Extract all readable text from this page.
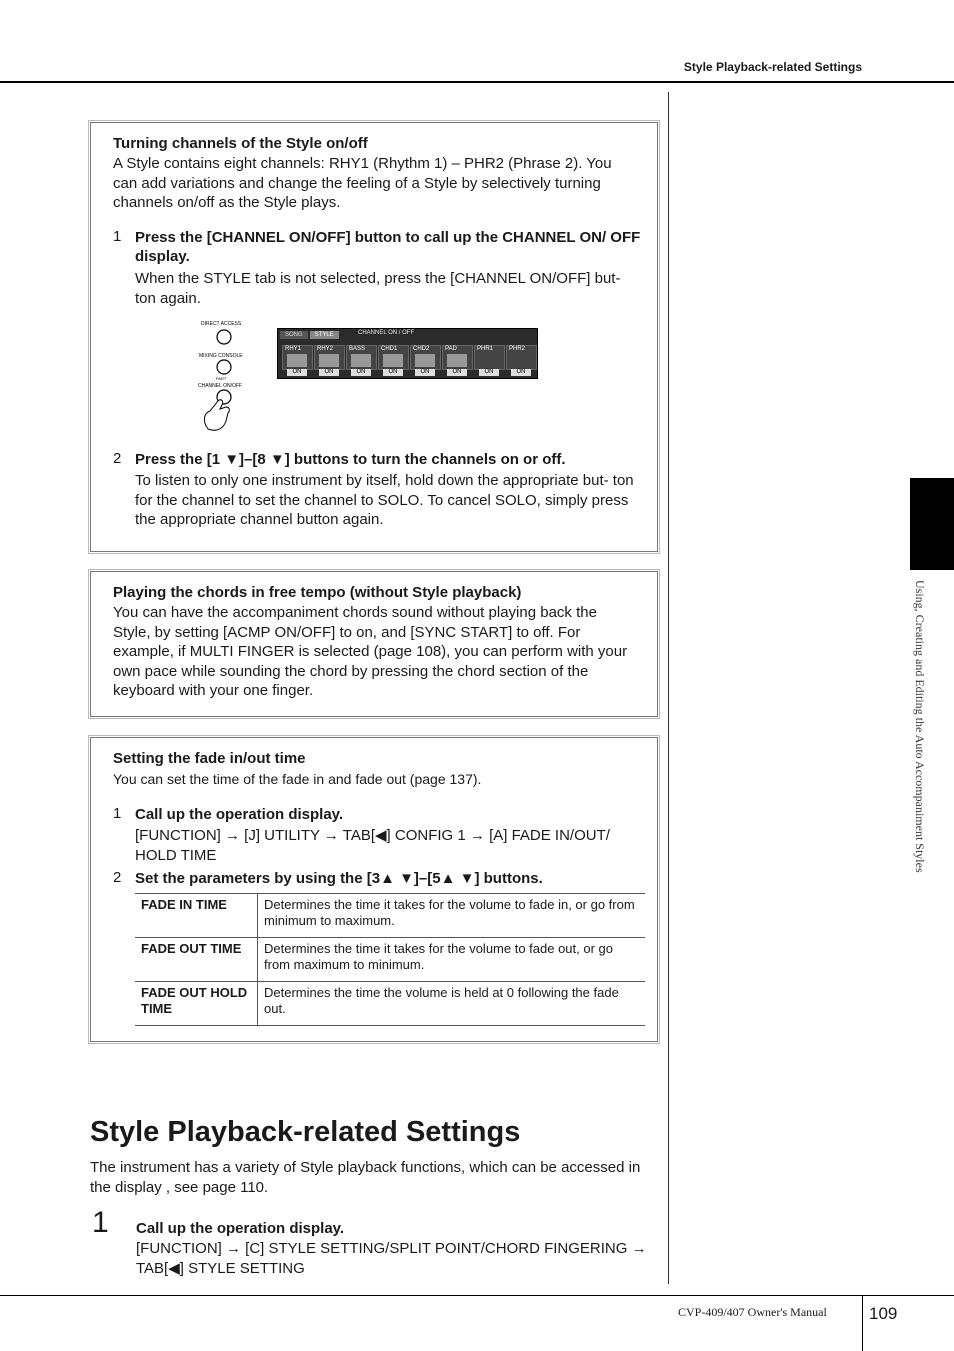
Style Playback-related Settings
Using, Creating and Editing the Auto Accompaniment Styles
Turning channels of the Style on/off
A Style contains eight channels: RHY1 (Rhythm 1) – PHR2 (Phrase 2). You can add variations and change the feeling of a Style by selectively turning channels on/off as the Style plays.
1 Press the [CHANNEL ON/OFF] button to call up the CHANNEL ON/ OFF display.
When the STYLE tab is not selected, press the [CHANNEL ON/OFF] but- ton again.
DIRECT ACCESS
MIXING CONSOLE
PART
CHANNEL ON/OFF
SONG STYLE	CHANNEL ON / OFF
RHY1
ON
RHY2
ON
BASS
ON
CHD1
ON
CHD2
ON
PAD
ON
PHR1
ON
PHR2
ON
2 Press the [1 ▼]–[8 ▼] buttons to turn the channels on or off.
To listen to only one instrument by itself, hold down the appropriate but- ton for the channel to set the channel to SOLO. To cancel SOLO, simply press the appropriate channel button again.
Playing the chords in free tempo (without Style playback)
You can have the accompaniment chords sound without playing back the Style, by setting [ACMP ON/OFF] to on, and [SYNC START] to off. For example, if MULTI FINGER is selected (page 108), you can perform with your own pace while sounding the chord by pressing the chord section of the keyboard with your one finger.
Setting the fade in/out time
You can set the time of the fade in and fade out (page 137).
1 Call up the operation display.
[FUNCTION] → [J] UTILITY → TAB[◀] CONFIG 1 → [A] FADE IN/OUT/ HOLD TIME
2 Set the parameters by using the [3▲ ▼]–[5▲ ▼] buttons.
FADE IN TIME	Determines the time it takes for the volume to fade in, or go from minimum to maximum.
FADE OUT TIME	Determines the time it takes for the volume to fade out, or go from maximum to minimum.
FADE OUT HOLD TIME	Determines the time the volume is held at 0 following the fade out.
Style Playback-related Settings
The instrument has a variety of Style playback functions, which can be accessed in the display , see page 110.
1 Call up the operation display.
[FUNCTION] → [C] STYLE SETTING/SPLIT POINT/CHORD FINGERING → TAB[◀] STYLE SETTING
CVP-409/407 Owner's Manual 109
